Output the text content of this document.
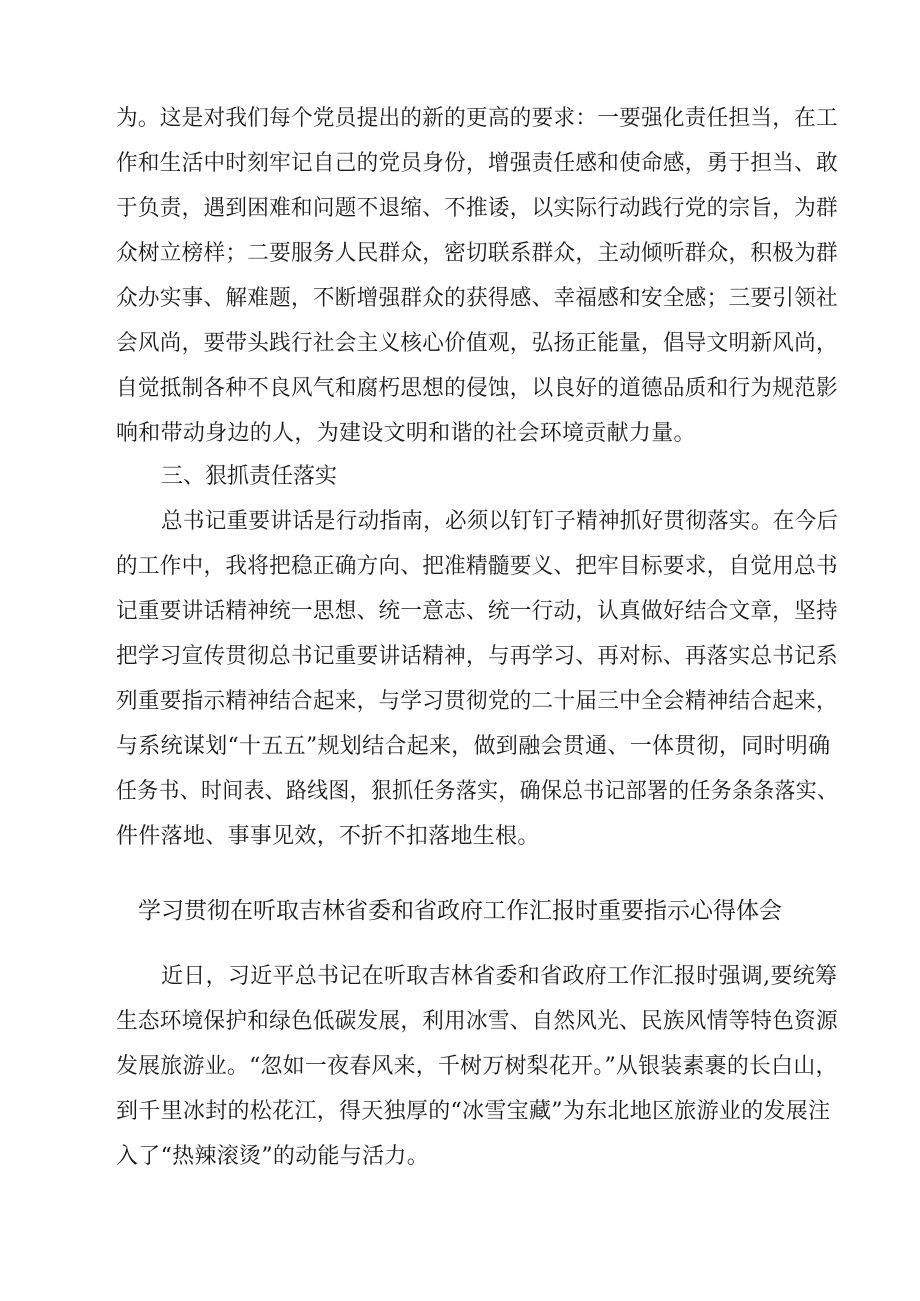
为。这是对我们每个党员提出的新的更高的要求：一要强化责任担当，在工

作和生活中时刻牢记自己的党员身份，增强责任感和使命感，勇于担当、敢

于负责，遇到困难和问题不退缩、不推诿，以实际行动践行党的宗旨，为群

众树立榜样；二要服务人民群众，密切联系群众，主动倾听群众，积极为群

众办实事、解难题，不断增强群众的获得感、幸福感和安全感；三要引领社

会风尚，要带头践行社会主义核心价值观，弘扬正能量，倡导文明新风尚，

自觉抵制各种不良风气和腐朽思想的侵蚀，以良好的道德品质和行为规范影

响和带动身边的人，为建设文明和谐的社会环境贡献力量。

三、狠抓责任落实

总书记重要讲话是行动指南，必须以钉钉子精神抓好贯彻落实。在今后

的工作中，我将把稳正确方向、把准精髓要义、把牢目标要求，自觉用总书

记重要讲话精神统一思想、统一意志、统一行动，认真做好结合文章，坚持

把学习宣传贯彻总书记重要讲话精神，与再学习、再对标、再落实总书记系

列重要指示精神结合起来，与学习贯彻党的二十届三中全会精神结合起来，

与系统谋划“十五五”规划结合起来，做到融会贯通、一体贯彻，同时明确

任务书、时间表、路线图，狠抓任务落实，确保总书记部署的任务条条落实、

件件落地、事事见效，不折不扣落地生根。

学习贯彻在听取吉林省委和省政府工作汇报时重要指示心得体会

近日，习近平总书记在听取吉林省委和省政府工作汇报时强调,要统筹

生态环境保护和绿色低碳发展，利用冰雪、自然风光、民族风情等特色资源

发展旅游业。“忽如一夜春风来，千树万树梨花开。”从银装素裹的长白山，

到千里冰封的松花江，得天独厚的“冰雪宝藏”为东北地区旅游业的发展注

入了“热辣滚烫”的动能与活力。
